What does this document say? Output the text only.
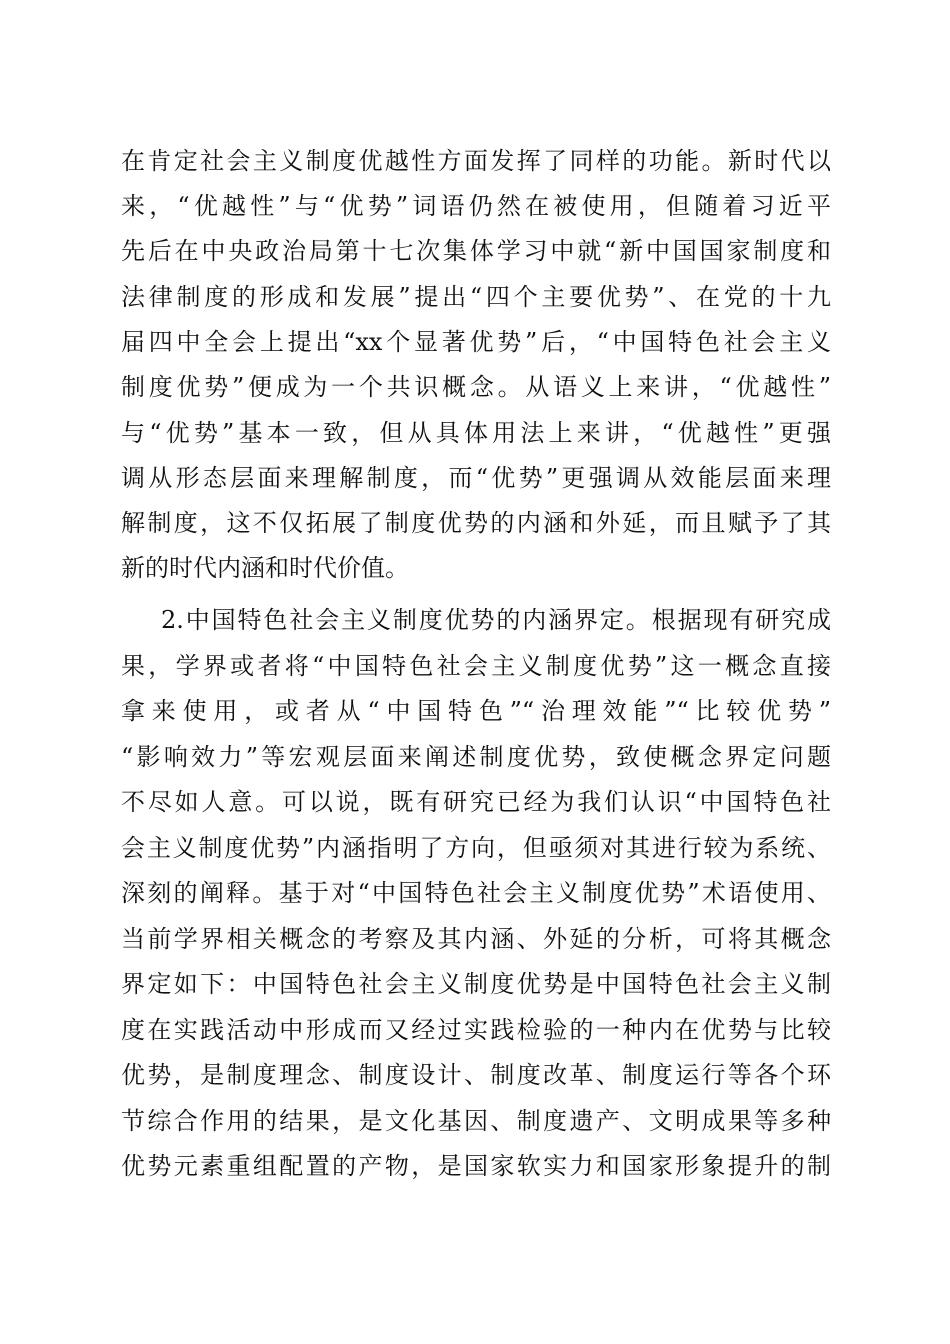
在肯定社会主义制度优越性方面发挥了同样的功能。新时代以
来，“优越性”与“优势”词语仍然在被使用，但随着习近平
先后在中央政治局第十七次集体学习中就“新中国国家制度和
法律制度的形成和发展”提出“四个主要优势”、在党的十九
届四中全会上提出“xx个显著优势”后，“中国特色社会主义
制度优势”便成为一个共识概念。从语义上来讲，“优越性”
与“优势”基本一致，但从具体用法上来讲，“优越性”更强
调从形态层面来理解制度，而“优势”更强调从效能层面来理
解制度，这不仅拓展了制度优势的内涵和外延，而且赋予了其
新的时代内涵和时代价值。
2.中国特色社会主义制度优势的内涵界定。根据现有研究成
果，学界或者将“中国特色社会主义制度优势”这一概念直接
拿来使用，或者从“中国特色”“治理效能”“比较优势”
“影响效力”等宏观层面来阐述制度优势，致使概念界定问题
不尽如人意。可以说，既有研究已经为我们认识“中国特色社
会主义制度优势”内涵指明了方向，但亟须对其进行较为系统、
深刻的阐释。基于对“中国特色社会主义制度优势”术语使用、
当前学界相关概念的考察及其内涵、外延的分析，可将其概念
界定如下：中国特色社会主义制度优势是中国特色社会主义制
度在实践活动中形成而又经过实践检验的一种内在优势与比较
优势，是制度理念、制度设计、制度改革、制度运行等各个环
节综合作用的结果，是文化基因、制度遗产、文明成果等多种
优势元素重组配置的产物，是国家软实力和国家形象提升的制
